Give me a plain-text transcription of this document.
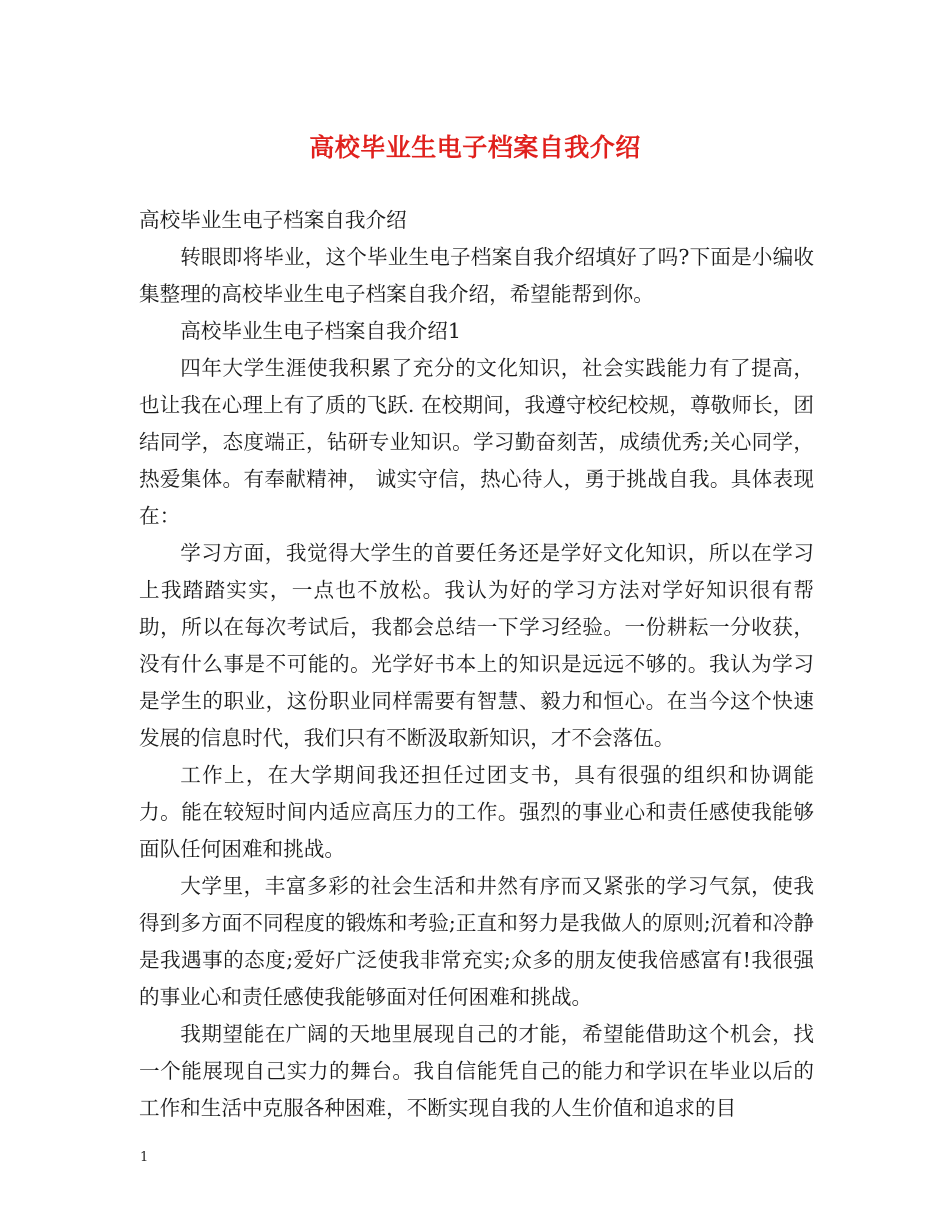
高校毕业生电子档案自我介绍

高校毕业生电子档案自我介绍

转眼即将毕业，这个毕业生电子档案自我介绍填好了吗?下面是小编收集整理的高校毕业生电子档案自我介绍，希望能帮到你。

高校毕业生电子档案自我介绍1

四年大学生涯使我积累了充分的文化知识，社会实践能力有了提高，也让我在心理上有了质的飞跃. 在校期间，我遵守校纪校规，尊敬师长，团结同学，态度端正，钻研专业知识。学习勤奋刻苦，成绩优秀;关心同学，热爱集体。有奉献精神， 诚实守信，热心待人，勇于挑战自我。具体表现在：

学习方面，我觉得大学生的首要任务还是学好文化知识，所以在学习上我踏踏实实，一点也不放松。我认为好的学习方法对学好知识很有帮助，所以在每次考试后，我都会总结一下学习经验。一份耕耘一分收获，没有什么事是不可能的。光学好书本上的知识是远远不够的。我认为学习是学生的职业，这份职业同样需要有智慧、毅力和恒心。在当今这个快速发展的信息时代，我们只有不断汲取新知识，才不会落伍。

工作上，在大学期间我还担任过团支书，具有很强的组织和协调能力。能在较短时间内适应高压力的工作。强烈的事业心和责任感使我能够面队任何困难和挑战。

大学里，丰富多彩的社会生活和井然有序而又紧张的学习气氛，使我得到多方面不同程度的锻炼和考验;正直和努力是我做人的原则;沉着和冷静是我遇事的态度;爱好广泛使我非常充实;众多的朋友使我倍感富有!我很强的事业心和责任感使我能够面对任何困难和挑战。

我期望能在广阔的天地里展现自己的才能，希望能借助这个机会，找一个能展现自己实力的舞台。我自信能凭自己的能力和学识在毕业以后的工作和生活中克服各种困难，不断实现自我的人生价值和追求的目

1
